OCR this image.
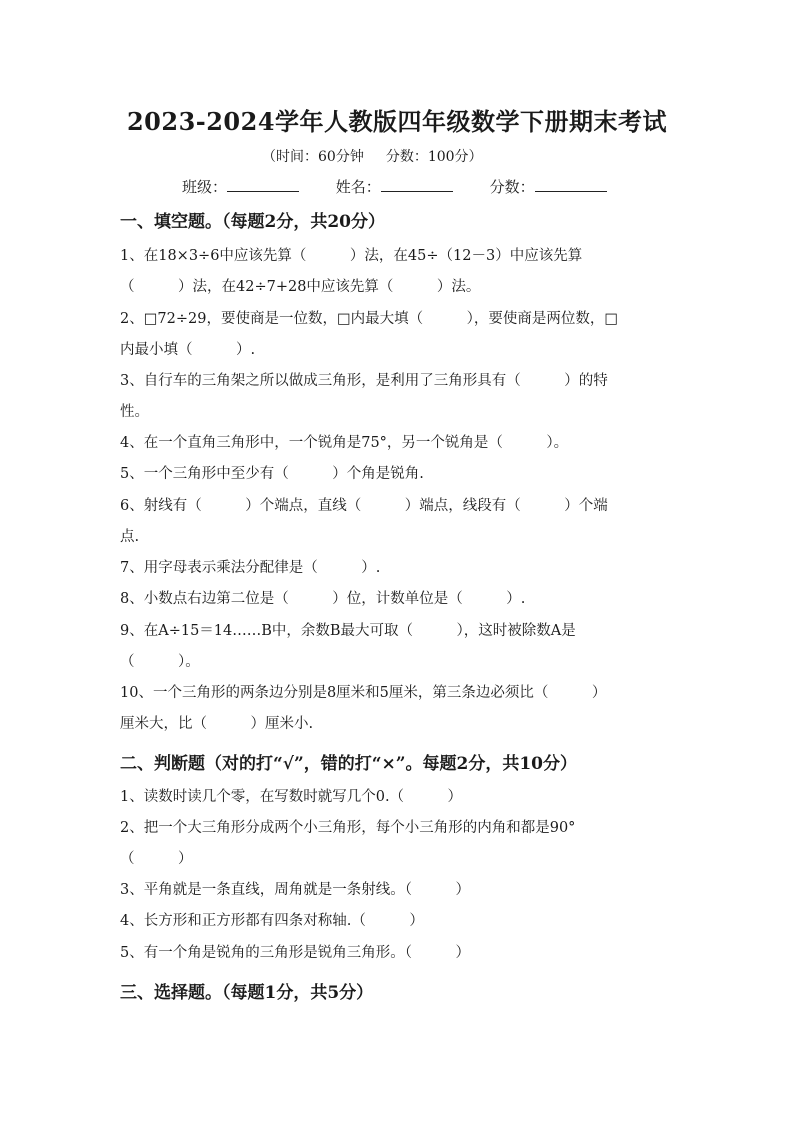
2023-2024学年人教版四年级数学下册期末考试
（时间：60分钟 分数：100分）
班级：	姓名：	分数：
一、填空题。（每题2分，共20分）
1、在18×3÷6中应该先算（　　　）法，在45÷（12－3）中应该先算
（　　　）法，在42÷7+28中应该先算（　　　）法。
2、□72÷29，要使商是一位数，□内最大填（　　　），要使商是两位数，□
内最小填（　　　）.
3、自行车的三角架之所以做成三角形，是利用了三角形具有（　　　）的特
性。
4、在一个直角三角形中，一个锐角是75°，另一个锐角是（　　　）。
5、一个三角形中至少有（　　　）个角是锐角.
6、射线有（　　　）个端点，直线（　　　）端点，线段有（　　　）个端
点.
7、用字母表示乘法分配律是（　　　）.
8、小数点右边第二位是（　　　）位，计数单位是（　　　）.
9、在A÷15＝14……B中，余数B最大可取（　　　），这时被除数A是
（　　　）。
10、一个三角形的两条边分别是8厘米和5厘米，第三条边必须比（　　　）
厘米大，比（　　　）厘米小.
二、判断题（对的打“√”，错的打“×”。每题2分，共10分）
1、读数时读几个零，在写数时就写几个0.（　　　）
2、把一个大三角形分成两个小三角形，每个小三角形的内角和都是90°
（　　　）
3、平角就是一条直线，周角就是一条射线。（　　　）
4、长方形和正方形都有四条对称轴.（　　　）
5、有一个角是锐角的三角形是锐角三角形。（　　　）
三、选择题。（每题1分，共5分）
